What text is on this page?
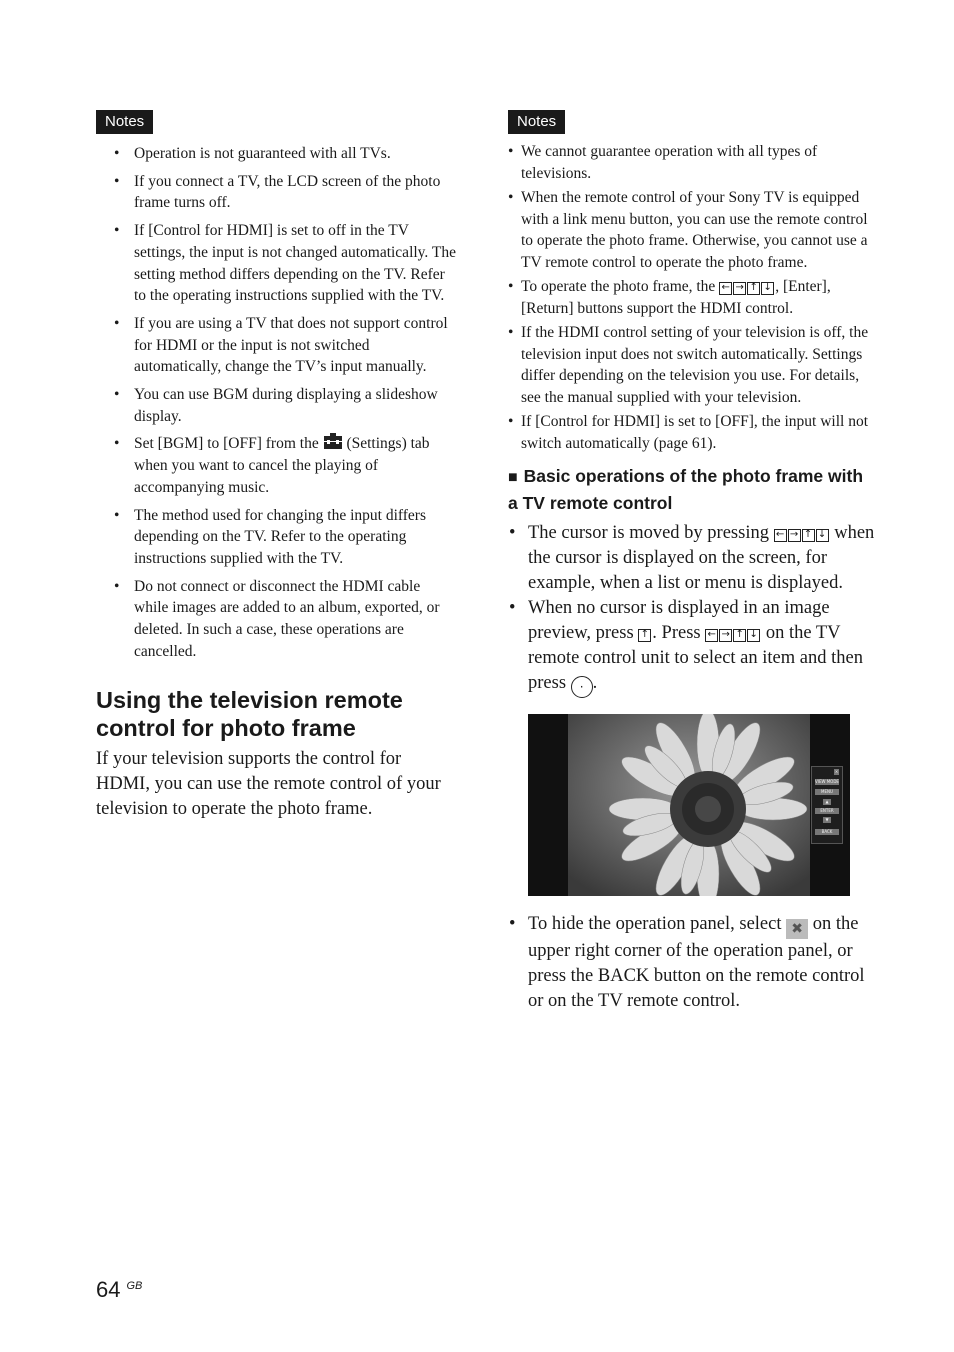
Notes
• Operation is not guaranteed with all TVs.
• If you connect a TV, the LCD screen of the photo frame turns off.
• If [Control for HDMI] is set to off in the TV settings, the input is not changed automatically. The setting method differs depending on the TV. Refer to the operating instructions supplied with the TV.
• If you are using a TV that does not support control for HDMI or the input is not switched automatically, change the TV’s input manually.
• You can use BGM during displaying a slideshow display.
• Set [BGM] to [OFF] from the (Settings) tab when you want to cancel the playing of accompanying music.
• The method used for changing the input differs depending on the TV. Refer to the operating instructions supplied with the TV.
• Do not connect or disconnect the HDMI cable while images are added to an album, exported, or deleted. In such a case, these operations are cancelled.
Using the television remote control for photo frame

If your television supports the control for HDMI, you can use the remote control of your television to operate the photo frame.

Notes
• We cannot guarantee operation with all types of televisions.
• When the remote control of your Sony TV is equipped with a link menu button, you can use the remote control to operate the photo frame. Otherwise, you cannot use a TV remote control to operate the photo frame.
• To operate the photo frame, the ← → ↑ ↓ , [Enter], [Return] buttons support the HDMI control.
• If the HDMI control setting of your television is off, the television input does not switch automatically. Settings differ depending on the television you use. For details, see the manual supplied with your television.
• If [Control for HDMI] is set to [OFF], the input will not switch automatically (page 61).
■ Basic operations of the photo frame with a TV remote control
• The cursor is moved by pressing ← → ↑ ↓ when the cursor is displayed on the screen, for example, when a list or menu is displayed.
• When no cursor is displayed in an image preview, press ↑ . Press ← → ↑ ↓ on the TV remote control unit to select an item and then press · .
×
VIEW MODE
MENU
▲
ENTER
▼
BACK
• To hide the operation panel, select ✖ on the upper right corner of the operation panel, or press the BACK button on the remote control or on the TV remote control.
64 $^{GB}$
